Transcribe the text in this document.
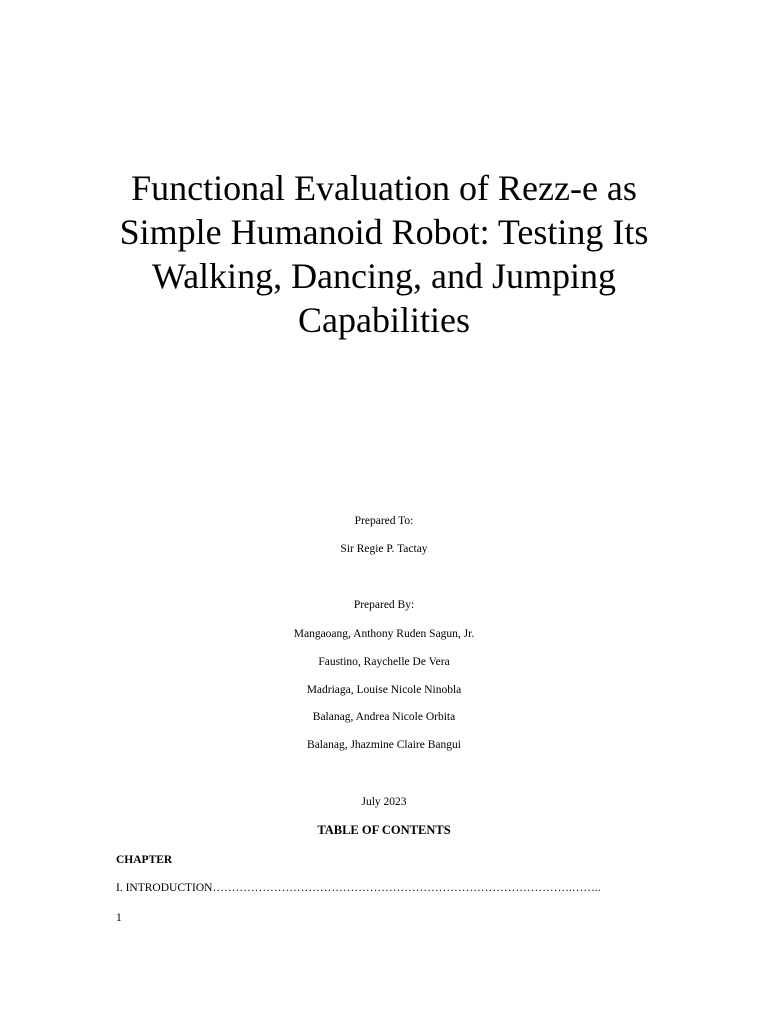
Functional Evaluation of Rezz-e as
Simple Humanoid Robot: Testing Its
Walking, Dancing, and Jumping
Capabilities

Prepared To:

Sir Regie P. Tactay

Prepared By:

Mangaoang, Anthony Ruden Sagun, Jr.

Faustino, Raychelle De Vera

Madriaga, Louise Nicole Ninobla

Balanag, Andrea Nicole Orbita

Balanag, Jhazmine Claire Bangui

July 2023

TABLE OF CONTENTS

CHAPTER

I. INTRODUCTION………………………………………………………………………………….……..

1
